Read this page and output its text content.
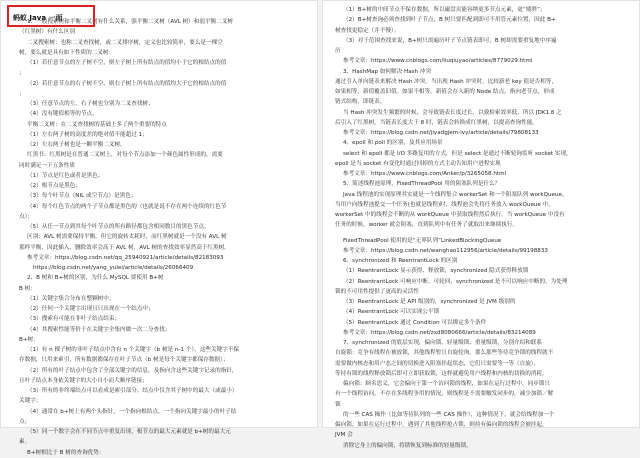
蚂蚁 Java 一面
1、一般搜索树和平衡二叉树有什么关系，强平衡二叉树（AVL 树）和弱平衡二叉树
（红黑树）有什么区别
二叉搜索树：也称二叉查找树，或二叉排序树，定义也比较简单，要么是一棵空
树，要么就是具有如下性质的二叉树：
（1）若任意节点的左子树不空，则左子树上所有结点的值均小于它的根结点的值
；
（2）若任意节点的右子树不空，则右子树上所有结点的值均大于它的根结点的值
；
（3）任意节点的左、右子树也分别为二叉查找树；
（4）没有键值相等的节点。
平衡二叉树：在二叉查找树的基础上多了两个重要的特点
（1）左右两子树的高度差的绝对值不能超过 1；
（2）左右两子树也是一颗平衡二叉树。
红黑书：红黑树是在普通二叉树上，对每个节点添加一个颜色属性形成的，需要
同时满足一下五条性质
（1）节点是红色或者是黑色；
（2）根节点是黑色；
（3）每个叶节点（NIL 或空节点）是黑色；
（4）每个红色节点的两个子节点都是黑色的（也就是说不存在两个连续的红色节
点）；
（5）从任一节点到其每个叶节点的所有路径都包含相同数目的黑色节点。
区别：AVL 树需要保持平衡，但它的旋转太耗时，而红黑树就是一个没有 AVL 树
那样平衡，因此插入、删除效率会高于 AVL 树，AVL 树的查找效率显然高于红黑树。
参考文章：https://blog.csdn.net/qq_25940921/article/details/82183093
https://blog.csdn.net/yang_yulei/article/details/26066409
2、B 树和 B+树的区别，为什么 MySQL 要使用 B+树
B 树：
（1）关键字集合分布在整颗树中；
（2）任何一个关键字出现且只出现在一个结点中；
（3）搜索有可能在非叶子结点结束；
（4）其搜索性能等价于在关键字全集内做一次二分查找；
B+树：
（1）有 n 棵子树的非叶子结点中含有 n 个关键字（b 树是 n-1 个），这些关键字不保
存数据，只用来索引，所有数据都保存在叶子节点（b 树是每个关键字都保存数据）；
（2）所有的叶子结点中包含了全部关键字的信息，及指向含这些关键字记录的指针，
且叶子结点本身依关键字的大小自小而大顺序链接；
（3）所有的非终端结点可以看成是索引部分，结点中仅含其子树中的最大（或最小）
关键字；
（4）通常在 b+树上有两个头指针，一个指向根结点，一个指向关键字最小的叶子结
点；
（5）同一个数字会在不同节点中重复出现，根节点的最大元素就是 b+树的最大元
素。
B+树相比于 B 树的查询优势：
（1）B+树的中间节点不保存数据，所以磁盘页能容纳更多节点元素，更“矮胖”；
（2）B+树查询必须查找到叶子节点，B 树只要匹配到即可不用管元素位置，因此 B+
树查找更稳定（并不慢）；
（3）对于范围查找来说，B+树只需遍历叶子节点链表即可，B 树却需要重复地中序遍
历
参考文章：https://www.cnblogs.com/liuqiuyao/articles/8779029.html
3、HashMap 如何解决 Hash 冲突
通过引入单向链表来解决 Hash 冲突。当出现 Hash 冲突时，比较新老 key 值是否相等，
如果相等，新值覆盖旧值。如果不相等，新值会存入新的 Node 结点，指向老节点，形成
链式结构，即链表。
当 Hash 冲突发生频繁的时候，会导致链表长度过长，以致检索效率低，所以 JDK1.8 之
后引入了红黑树，当链表长度大于 8 时，链表会转换成红黑树，以提高查询性能。
参考文章：https://blog.csdn.net/jiyadgjem-ivy/article/details/79808133
4、epoll 和 poll 的区别，及其应用场景
select 和 epoll 都是 I/O 多路复用的方式，但是 select 是通过不断轮询监听 socket 实现，
epoll 是当 socket 有变化时通过回掉的方式主动告知用户进程实现
参考文章：https://www.cnblogs.com/Anker/p/3265058.html
5、简述线程池原理，FixedThreadPool 用的阻塞队列是什么？
Java 线程池的实现原理其实就是一个线程集合 workerSet 和一个阻塞队列 workQueue。
当用户向线程池提交一个任务(也就是线程)时，线程池会先将任务放入 workQueue 中。
workerSet 中的线程会不断的从 workQueue 中获取线程然后执行。当 workQueue 中没有
任务的时候，worker 就会阻塞，直到队列中有任务了就取出来继续执行。
FixedThreadPool 使用的是“无界队列”LinkedBlockingQueue
参考文章：https://blog.csdn.net/wanghao112956/article/details/99198833
6、synchronized 和 ReentrantLock 的区别
（1）ReentrantLock 显示获得、释放锁，synchronized 隐式获得释放锁
（2）ReentrantLock 可响应中断、可轮回，synchronized 是不可以响应中断的，为处理
锁的不可用性提供了更高的灵活性
（3）ReentrantLock 是 API 级别的，synchronized 是 JVM 级别的
（4）ReentrantLock 可以实现公平锁
（5）ReentrantLock 通过 Condition 可以绑定多个条件
参考文章：https://blog.csdn.net/zxd8080666/article/details/83214089
7、synchronized 的底层实现，偏向锁、轻量级锁、重量级锁，分别介绍和联系
自旋锁：竞争有线程在被放锁，其他线程暂且自旋轮询，那么那些等待竞争锁的线程就不
需要做内核态和用户态之间的切换进入阻塞挂起状态，它们只需要等一等（自旋），
等持有锁的线程释放锁后即可立即获取锁，这样就避免用户线程和内核的切换的消耗。
偏向锁：顾名思义，它会偏向于第一个访问锁的线程，如果在运行过程中，同步锁只
有一个线程访问，不存在多线程争用的情况，则线程是不需要触发同步的，减少加锁／解
锁
的一些 CAS 操作（比如等待队列的一些 CAS 操作），这种情况下，就会给线程加一个
偏向锁。如果在运行过程中，遇到了其他线程抢占锁，则持有偏向锁的线程会被挂起，
JVM 会
消除它身上的偏向锁，将锁恢复到标准的轻量级锁。
